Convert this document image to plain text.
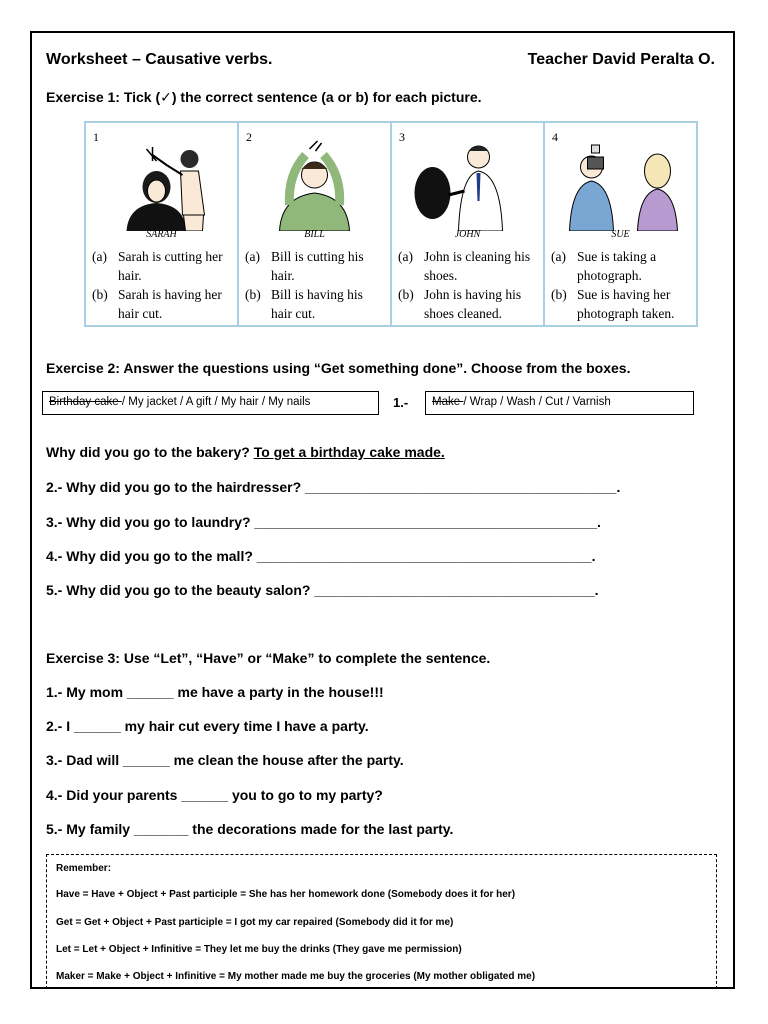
Worksheet – Causative verbs.	Teacher David Peralta O.
Exercise 1: Tick (✓) the correct sentence (a or b) for each picture.
1
SARAH
(a) Sarah is cutting her hair.
(b) Sarah is having her hair cut.
2
BILL
(a) Bill is cutting his hair.
(b) Bill is having his hair cut.
3
JOHN
(a) John is cleaning his shoes.
(b) John is having his shoes cleaned.
4
SUE
(a) Sue is taking a photograph.
(b) Sue is having her photograph taken.
Exercise 2: Answer the questions using “Get something done”. Choose from the boxes.
Birthday cake / My jacket / A gift / My hair / My nails	1.-	Make / Wrap / Wash / Cut / Varnish
Why did you go to the bakery? To get a birthday cake made.
2.- Why did you go to the hairdresser? ________________________________________.
3.- Why did you go to laundry? ____________________________________________.
4.- Why did you go to the mall? ___________________________________________.
5.- Why did you go to the beauty salon? ____________________________________.
Exercise 3: Use “Let”, “Have” or “Make” to complete the sentence.
1.- My mom ______ me have a party in the house!!!
2.- I ______ my hair cut every time I have a party.
3.- Dad will ______ me clean the house after the party.
4.- Did your parents ______ you to go to my party?
5.- My family _______ the decorations made for the last party.
Remember:
Have = Have + Object + Past participle = She has her homework done (Somebody does it for her)
Get = Get + Object + Past participle = I got my car repaired (Somebody did it for me)
Let = Let + Object + Infinitive = They let me buy the drinks (They gave me permission)
Maker = Make + Object + Infinitive = My mother made me buy the groceries (My mother obligated me)
